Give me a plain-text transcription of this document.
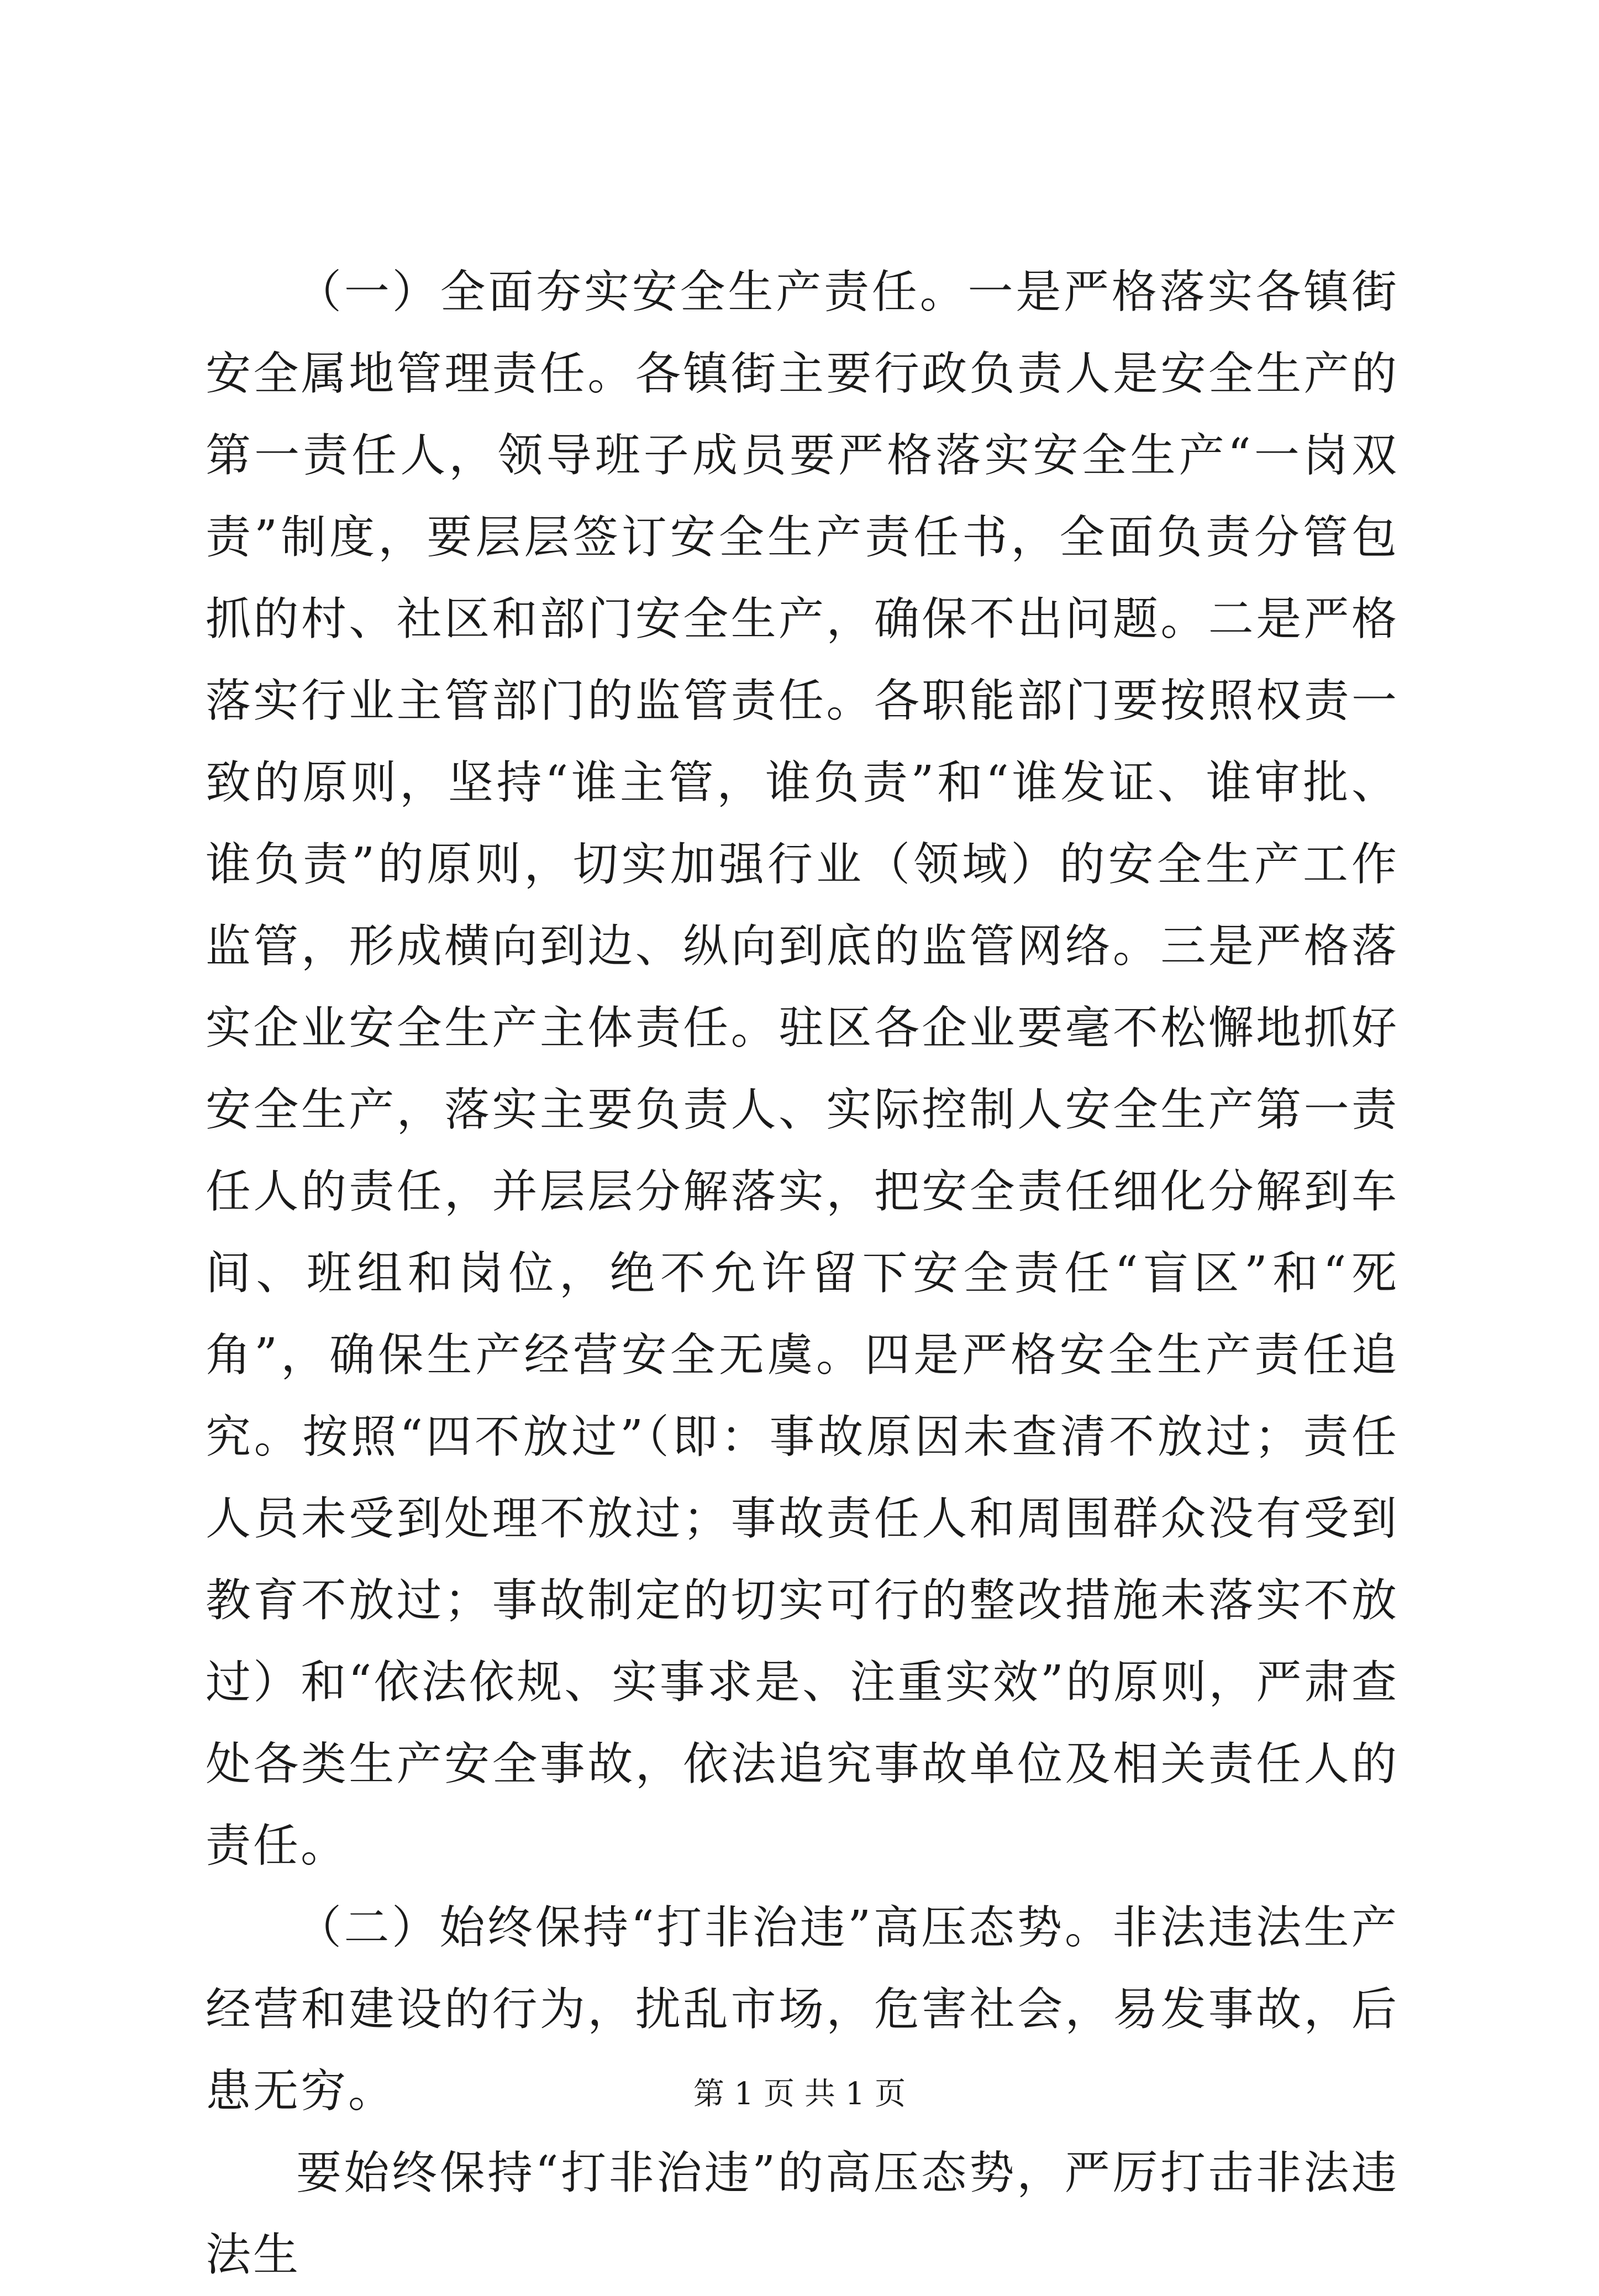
（一）全面夯实安全生产责任。一是严格落实各镇街安全属地管理责任。各镇街主要行政负责人是安全生产的第一责任人，领导班子成员要严格落实安全生产“一岗双责”制度，要层层签订安全生产责任书，全面负责分管包抓的村、社区和部门安全生产，确保不出问题。二是严格落实行业主管部门的监管责任。各职能部门要按照权责一致的原则，坚持“谁主管，谁负责”和“谁发证、谁审批、谁负责”的原则，切实加强行业（领域）的安全生产工作监管，形成横向到边、纵向到底的监管网络。三是严格落实企业安全生产主体责任。驻区各企业要毫不松懈地抓好安全生产，落实主要负责人、实际控制人安全生产第一责任人的责任，并层层分解落实，把安全责任细化分解到车间、班组和岗位，绝不允许留下安全责任“盲区”和“死角”，确保生产经营安全无虞。四是严格安全生产责任追究。按照“四不放过”（即：事故原因未查清不放过；责任人员未受到处理不放过；事故责任人和周围群众没有受到教育不放过；事故制定的切实可行的整改措施未落实不放过）和“依法依规、实事求是、注重实效”的原则，严肃查处各类生产安全事故，依法追究事故单位及相关责任人的责任。

（二）始终保持“打非治违”高压态势。非法违法生产经营和建设的行为，扰乱市场，危害社会，易发事故，后患无穷。

要始终保持“打非治违”的高压态势，严厉打击非法违法生

第 1 页 共 1 页
